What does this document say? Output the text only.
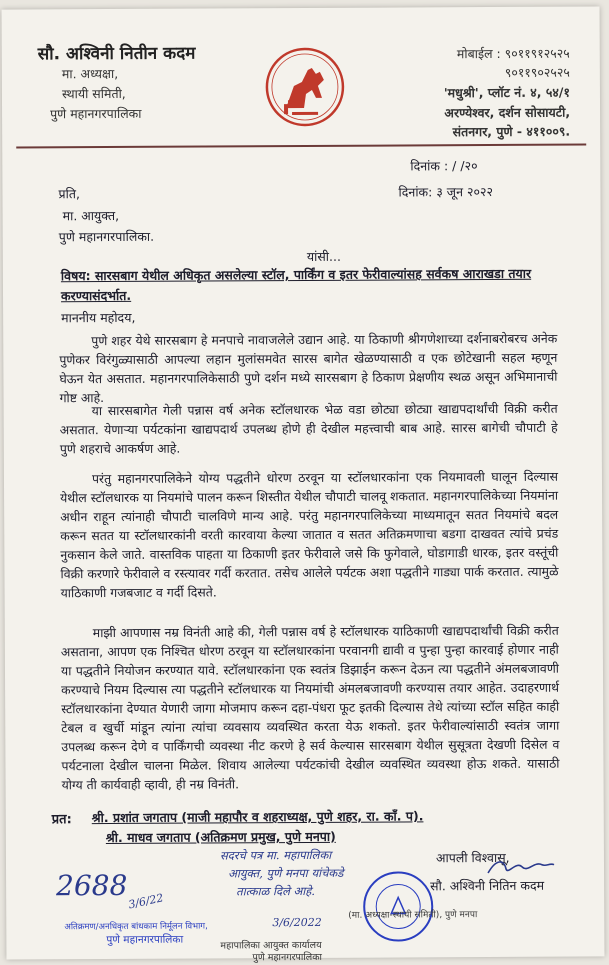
सौ. अश्विनी नितीन कदम
मा. अध्यक्षा,
स्थायी समिती,
पुणे महानगरपालिका
मोबाईल : ९०११९१२५२५
९०११९०२५२५
'मधुश्री', प्लॉट नं. ४, ५४/१
अरण्येश्वर, दर्शन सोसायटी,
संतनगर, पुणे - ४११००९.
दिनांक : / /२०
दिनांक: ३ जून २०२२
प्रति,
मा. आयुक्त,
पुणे महानगरपालिका.
यांसी...
विषय: सारसबाग येथील अधिकृत असलेल्या स्टॉल, पार्किंग व इतर फेरीवाल्यांसह सर्वकष आराखडा तयार करण्यासंदर्भात.
माननीय महोदय,
पुणे शहर येथे सारसबाग हे मनपाचे नावाजलेले उद्यान आहे. या ठिकाणी श्रीगणेशाच्या दर्शनाबरोबरच अनेक पुणेकर विरंगुळ्यासाठी आपल्या लहान मुलांसमवेत सारस बागेत खेळण्यासाठी व एक छोटेखानी सहल म्हणून घेऊन येत असतात. महानगरपालिकेसाठी पुणे दर्शन मध्ये सारसबाग हे ठिकाण प्रेक्षणीय स्थळ असून अभिमानाची गोष्ट आहे.
या सारसबागेत गेली पन्नास वर्ष अनेक स्टॉलधारक भेळ वडा छोट्या छोट्या खाद्यपदार्थांची विक्री करीत असतात. येणाऱ्या पर्यटकांना खाद्यपदार्थ उपलब्ध होणे ही देखील महत्त्वाची बाब आहे. सारस बागेची चौपाटी हे पुणे शहराचे आकर्षण आहे.
परंतु महानगरपालिकेने योग्य पद्धतीने धोरण ठरवून या स्टॉलधारकांना एक नियमावली घालून दिल्यास येथील स्टॉलधारक या नियमांचे पालन करून शिस्तीत येथील चौपाटी चालवू शकतात. महानगरपालिकेच्या नियमांना अधीन राहून त्यांनाही चौपाटी चालविणे मान्य आहे. परंतु महानगरपालिकेच्या माध्यमातून सतत नियमांचे बदल करून सतत या स्टॉलधारकांनी वरती कारवाया केल्या जातात व सतत अतिक्रमणाचा बडगा दाखवत त्यांचे प्रचंड नुकसान केले जाते. वास्तविक पाहता या ठिकाणी इतर फेरीवाले जसे कि फुगेवाले, घोडागाडी धारक, इतर वस्तूंची विक्री करणारे फेरीवाले व रस्त्यावर गर्दी करतात. तसेच आलेले पर्यटक अशा पद्धतीने गाड्या पार्क करतात. त्यामुळे याठिकाणी गजबजाट व गर्दी दिसते.
माझी आपणास नम्र विनंती आहे की, गेली पन्नास वर्ष हे स्टॉलधारक याठिकाणी खाद्यपदार्थांची विक्री करीत असताना, आपण एक निश्चित धोरण ठरवून या स्टॉलधारकांना परवानगी द्यावी व पुन्हा पुन्हा कारवाई होणार नाही या पद्धतीने नियोजन करण्यात यावे. स्टॉलधारकांना एक स्वतंत्र डिझाईन करून देऊन त्या पद्धतीने अंमलबजावणी करण्याचे नियम दिल्यास त्या पद्धतीने स्टॉलधारक या नियमांची अंमलबजावणी करण्यास तयार आहेत. उदाहरणार्थ स्टॉलधारकांना देण्यात येणारी जागा मोजमाप करून दहा-पंधरा फूट इतकी दिल्यास तेथे त्यांच्या स्टॉल सहित काही टेबल व खुर्ची मांडून त्यांना त्यांचा व्यवसाय व्यवस्थित करता येऊ शकतो. इतर फेरीवाल्यांसाठी स्वतंत्र जागा उपलब्ध करून देणे व पार्किंगची व्यवस्था नीट करणे हे सर्व केल्यास सारसबाग येथील सुसूत्रता देखणी दिसेल व पर्यटनाला देखील चालना मिळेल. शिवाय आलेल्या पर्यटकांची देखील व्यवस्थित व्यवस्था होऊ शकते. यासाठी योग्य ती कार्यवाही व्हावी, ही नम्र विनंती.
प्रत: श्री. प्रशांत जगताप (माजी महापौर व शहराध्यक्ष, पुणे शहर, रा. कॉं. प).
श्री. माधव जगताप (अतिक्रमण प्रमुख, पुणे मनपा)
सदरचे पत्र मा. महापालिका
आयुक्त, पुणे मनपा यांचेकडे
तात्काळ दिले आहे.
2688 3/6/22
अतिक्रमण/अनधिकृत बांधकाम निर्मूलन विभाग,
पुणे महानगरपालिका
3/6/2022
महापालिका आयुक्त कार्यालय
पुणे महानगरपालिका
आपली विश्वासू,
सौ. अश्विनी नितिन कदम
(मा. अध्यक्षा-स्थायी समिती), पुणे मनपा
